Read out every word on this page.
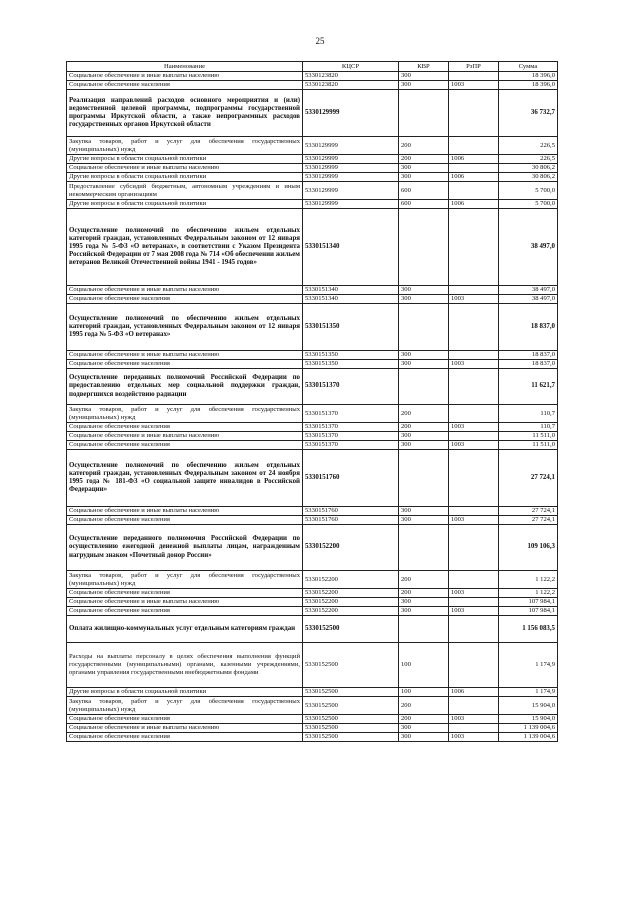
25
Наименование	КЦСР	КВР	РзПР	Сумма
Социальное обеспечение и иные выплаты населению	5330123820	300		18 396,0
Социальное обеспечение населения	5330123820	300	1003	18 396,0
Реализация направлений расходов основного мероприятия и (или) ведомственной целевой программы, подпрограммы государственной программы Иркутской области, а также непрограммных расходов государственных органов Иркутской области	5330129999			36 732,7
Закупка товаров, работ и услуг для обеспечения государственных (муниципальных) нужд	5330129999	200		226,5
Другие вопросы в области социальной политики	5330129999	200	1006	226,5
Социальное обеспечение и иные выплаты населению	5330129999	300		30 806,2
Другие вопросы в области социальной политики	5330129999	300	1006	30 806,2
Предоставление субсидий бюджетным, автономным учреждениям и иным некоммерческим организациям	5330129999	600		5 700,0
Другие вопросы в области социальной политики	5330129999	600	1006	5 700,0
Осуществление полномочий по обеспечению жильем отдельных категорий граждан, установленных Федеральным законом от 12 января 1995 года № 5-ФЗ «О ветеранах», в соответствии с Указом Президента Российской Федерации от 7 мая 2008 года № 714 «Об обеспечении жильем ветеранов Великой Отечественной войны 1941 - 1945 годов»	5330151340			38 497,0
Социальное обеспечение и иные выплаты населению	5330151340	300		38 497,0
Социальное обеспечение населения	5330151340	300	1003	38 497,0
Осуществление полномочий по обеспечению жильем отдельных категорий граждан, установленных Федеральным законом от 12 января 1995 года № 5-ФЗ «О ветеранах»	5330151350			18 837,0
Социальное обеспечение и иные выплаты населению	5330151350	300		18 837,0
Социальное обеспечение населения	5330151350	300	1003	18 837,0
Осуществление переданных полномочий Российской Федерации по предоставлению отдельных мер социальной поддержки граждан, подвергшихся воздействию радиации	5330151370			11 621,7
Закупка товаров, работ и услуг для обеспечения государственных (муниципальных) нужд	5330151370	200		110,7
Социальное обеспечение населения	5330151370	200	1003	110,7
Социальное обеспечение и иные выплаты населению	5330151370	300		11 511,0
Социальное обеспечение населения	5330151370	300	1003	11 511,0
Осуществление полномочий по обеспечению жильем отдельных категорий граждан, установленных Федеральным законом от 24 ноября 1995 года № 181-ФЗ «О социальной защите инвалидов в Российской Федерации»	5330151760			27 724,1
Социальное обеспечение и иные выплаты населению	5330151760	300		27 724,1
Социальное обеспечение населения	5330151760	300	1003	27 724,1
Осуществление переданного полномочия Российской Федерации по осуществлению ежегодной денежной выплаты лицам, награжденным нагрудным знаком «Почетный донор России»	5330152200			109 106,3
Закупка товаров, работ и услуг для обеспечения государственных (муниципальных) нужд	5330152200	200		1 122,2
Социальное обеспечение населения	5330152200	200	1003	1 122,2
Социальное обеспечение и иные выплаты населению	5330152200	300		107 984,1
Социальное обеспечение населения	5330152200	300	1003	107 984,1
Оплата жилищно-коммунальных услуг отдельным категориям граждан	5330152500			1 156 083,5
Расходы на выплаты персоналу в целях обеспечения выполнения функций государственными (муниципальными) органами, казенными учреждениями, органами управления государственными внебюджетными фондами	5330152500	100		1 174,9
Другие вопросы в области социальной политики	5330152500	100	1006	1 174,9
Закупка товаров, работ и услуг для обеспечения государственных (муниципальных) нужд	5330152500	200		15 904,0
Социальное обеспечение населения	5330152500	200	1003	15 904,0
Социальное обеспечение и иные выплаты населению	5330152500	300		1 139 004,6
Социальное обеспечение населения	5330152500	300	1003	1 139 004,6
